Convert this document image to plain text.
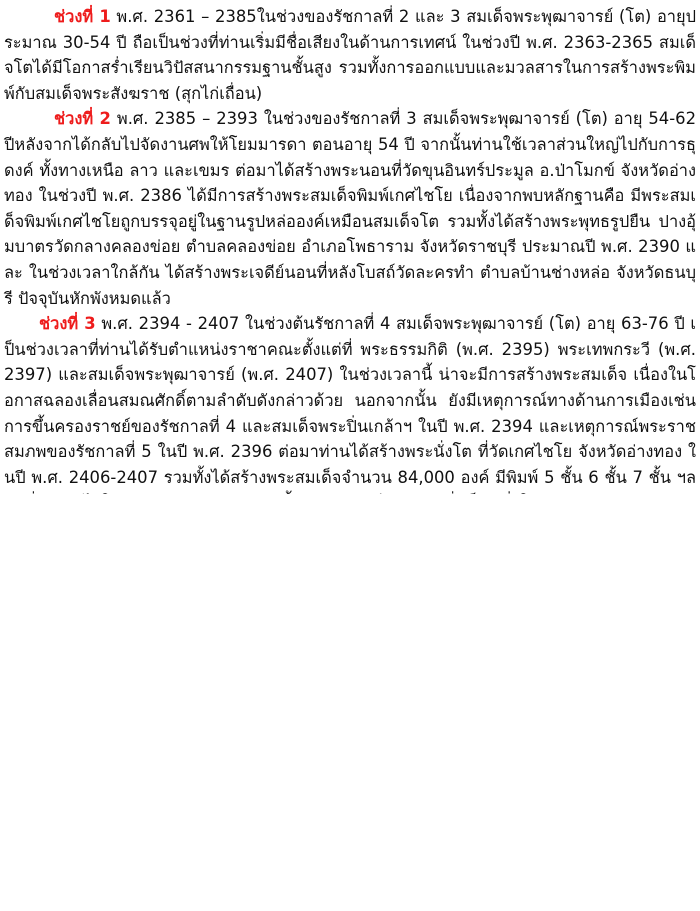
ช่วงที่ 1 พ.ศ. 2361 – 2385ในช่วงของรัชกาลที่ 2 และ 3 สมเด็จพระพุฒาจารย์ (โต) อายุประมาณ 30-54 ปี ถือเป็นช่วงที่ท่านเริ่มมีชื่อเสียงในด้านการเทศน์ ในช่วงปี พ.ศ. 2363-2365 สมเด็จโตได้มีโอกาสร่ำเรียนวิปัสสนากรรมฐานชั้นสูง รวมทั้งการออกแบบและมวลสารในการสร้างพระพิมพ์กับสมเด็จพระสังฆราช (สุกไก่เถื่อน)

ช่วงที่ 2 พ.ศ. 2385 – 2393 ในช่วงของรัชกาลที่ 3 สมเด็จพระพุฒาจารย์ (โต) อายุ 54-62 ปีหลังจากได้กลับไปจัดงานศพให้โยมมารดา ตอนอายุ 54 ปี จากนั้นท่านใช้เวลาส่วนใหญ่ไปกับการธุดงค์ ทั้งทางเหนือ ลาว และเขมร ต่อมาได้สร้างพระนอนที่วัดขุนอินทร์ประมูล อ.ป่าโมกข์ จังหวัดอ่างทอง ในช่วงปี พ.ศ. 2386 ได้มีการสร้างพระสมเด็จพิมพ์เกศไชโย เนื่องจากพบหลักฐานคือ มีพระสมเด็จพิมพ์เกศไชโยถูกบรรจุอยู่ในฐานรูปหล่อองค์เหมือนสมเด็จโต รวมทั้งได้สร้างพระพุทธรูปยืน ปางอุ้มบาตรวัดกลางคลองข่อย ตำบลคลองข่อย อำเภอโพธาราม จังหวัดราชบุรี ประมาณปี พ.ศ. 2390 และ ในช่วงเวลาใกล้กัน ได้สร้างพระเจดีย์นอนที่หลังโบสถ์วัดละครทำ ตำบลบ้านช่างหล่อ จังหวัดธนบุรี ปัจจุบันหักพังหมดแล้ว

ช่วงที่ 3 พ.ศ. 2394 - 2407 ในช่วงต้นรัชกาลที่ 4 สมเด็จพระพุฒาจารย์ (โต) อายุ 63-76 ปี เป็นช่วงเวลาที่ท่านได้รับตำแหน่งราชาคณะตั้งแต่ที่ พระธรรมกิติ (พ.ศ. 2395) พระเทพกระวี (พ.ศ. 2397) และสมเด็จพระพุฒาจารย์ (พ.ศ. 2407) ในช่วงเวลานี้ น่าจะมีการสร้างพระสมเด็จ เนื่องในโอกาสฉลองเลื่อนสมณศักดิ์ตามลำดับดังกล่าวด้วย นอกจากนั้น ยังมีเหตุการณ์ทางด้านการเมืองเช่น การขึ้นครองราชย์ของรัชกาลที่ 4 และสมเด็จพระปิ่นเกล้าฯ ในปี พ.ศ. 2394 และเหตุการณ์พระราชสมภพของรัชกาลที่ 5 ในปี พ.ศ. 2396 ต่อมาท่านได้สร้างพระนั่งโต ที่วัดเกศไชโย จังหวัดอ่างทอง ในปี พ.ศ. 2406-2407 รวมทั้งได้สร้างพระสมเด็จจำนวน 84,000 องค์ มีพิมพ์ 5 ชั้น 6 ชั้น 7 ชั้น ฯล
